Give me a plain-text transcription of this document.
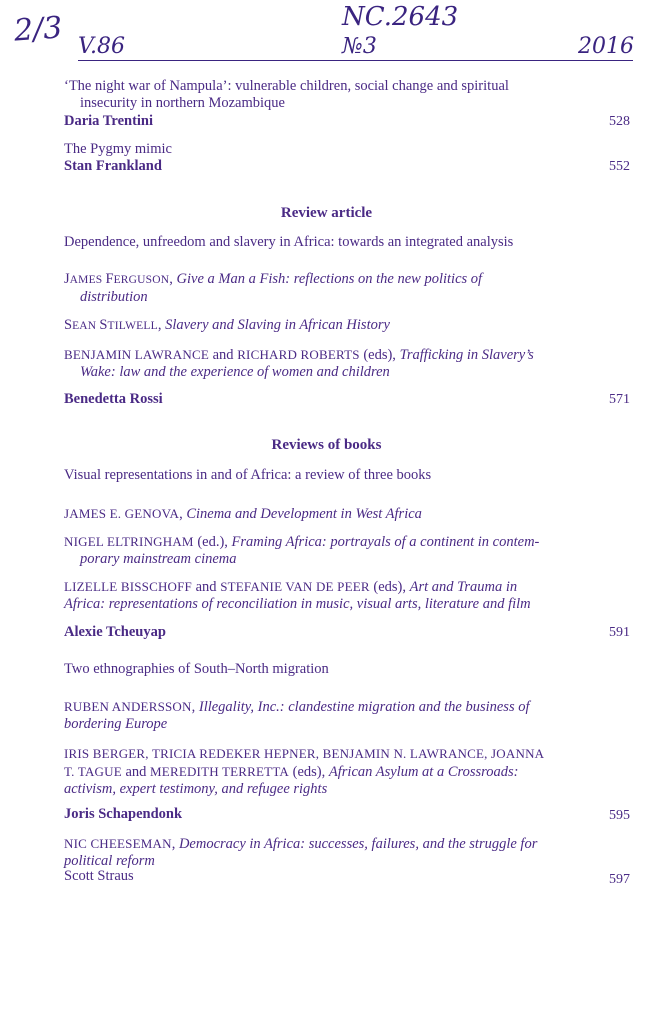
2/3 V.86
NC.2643
№3	2016
‘The night war of Nampula’: vulnerable children, social change and spiritual
insecurity in northern Mozambique
Daria Trentini	528
The Pygmy mimic
Stan Frankland	552
Review article
Dependence, unfreedom and slavery in Africa: towards an integrated analysis
JAMES FERGUSON, Give a Man a Fish: reflections on the new politics of
distribution
SEAN STILWELL, Slavery and Slaving in African History
BENJAMIN LAWRANCE and RICHARD ROBERTS (eds), Trafficking in Slavery’s
Wake: law and the experience of women and children
Benedetta Rossi	571
Reviews of books
Visual representations in and of Africa: a review of three books
JAMES E. GENOVA, Cinema and Development in West Africa
NIGEL ELTRINGHAM (ed.), Framing Africa: portrayals of a continent in contem-
porary mainstream cinema
LIZELLE BISSCHOFF and STEFANIE VAN DE PEER (eds), Art and Trauma in
Africa: representations of reconciliation in music, visual arts, literature and film
Alexie Tcheuyap	591
Two ethnographies of South–North migration
RUBEN ANDERSSON, Illegality, Inc.: clandestine migration and the business of
bordering Europe
IRIS BERGER, TRICIA REDEKER HEPNER, BENJAMIN N. LAWRANCE, JOANNA
T. TAGUE and MEREDITH TERRETTA (eds), African Asylum at a Crossroads:
activism, expert testimony, and refugee rights
Joris Schapendonk	595
NIC CHEESEMAN, Democracy in Africa: successes, failures, and the struggle for
political reform
Scott Straus	597
